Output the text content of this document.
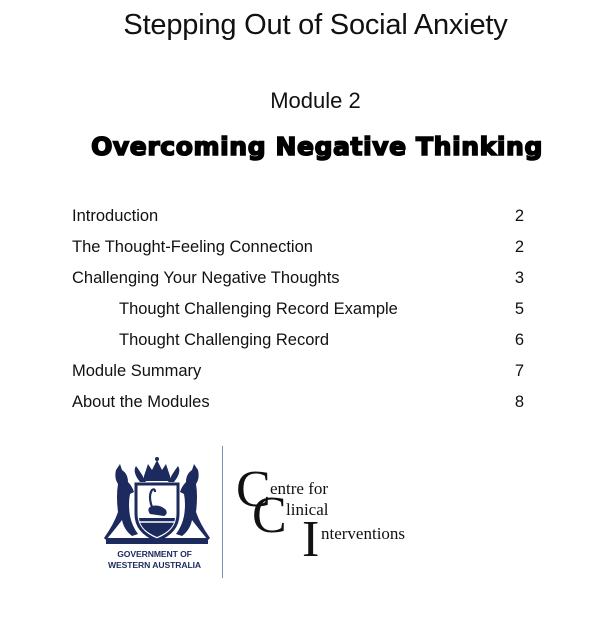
Stepping Out of Social Anxiety
Module 2
Overcoming Negative Thinking
Introduction	2
The Thought-Feeling Connection	2
Challenging Your Negative Thoughts	3
Thought Challenging Record Example	5
Thought Challenging Record	6
Module Summary	7
About the Modules	8
GOVERNMENT OF
WESTERN AUSTRALIA
C entre for
C linical
I nterventions
